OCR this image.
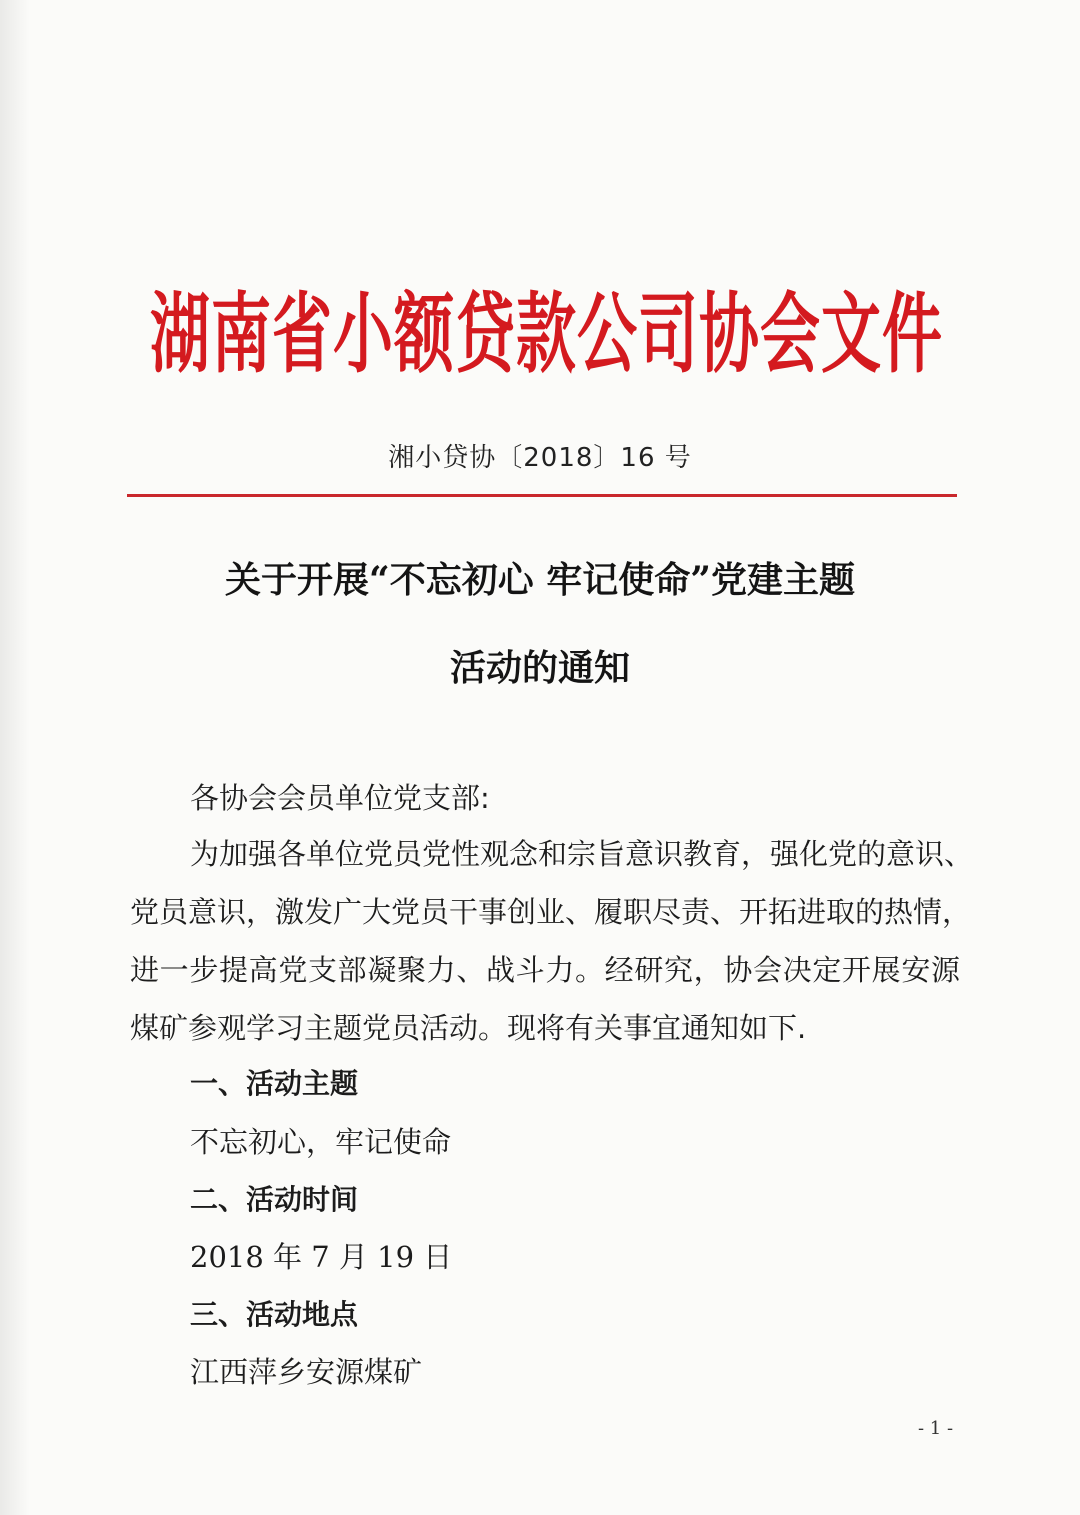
湖南省小额贷款公司协会文件
湘小贷协〔2018〕16 号
关于开展“不忘初心 牢记使命”党建主题
活动的通知
各协会会员单位党支部:
为加强各单位党员党性观念和宗旨意识教育，强化党的意识、
党员意识，激发广大党员干事创业、履职尽责、开拓进取的热情，
进一步提高党支部凝聚力、战斗力。经研究，协会决定开展安源
煤矿参观学习主题党员活动。现将有关事宜通知如下.
一、活动主题
不忘初心，牢记使命
二、活动时间
2018 年 7 月 19 日
三、活动地点
江西萍乡安源煤矿
- 1 -
